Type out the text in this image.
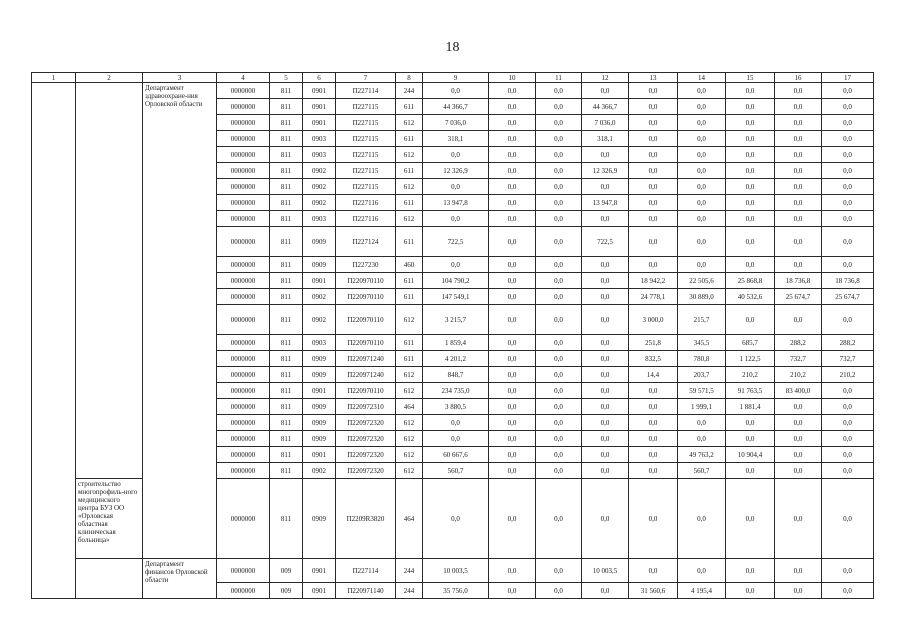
18
1	2	3	4	5	6	7	8	9	10	11	12	13	14	15	16	17
		Департамент здравоохране-ния Орловской области	0000000	811	0901	П227114	244	0,0	0,0	0,0	0,0	0,0	0,0	0,0	0,0	0,0
			0000000	811	0901	П227115	611	44 366,7	0,0	0,0	44 366,7	0,0	0,0	0,0	0,0	0,0
			0000000	811	0901	П227115	612	7 036,0	0,0	0,0	7 036,0	0,0	0,0	0,0	0,0	0,0
			0000000	811	0903	П227115	611	318,1	0,0	0,0	318,1	0,0	0,0	0,0	0,0	0,0
			0000000	811	0903	П227115	612	0,0	0,0	0,0	0,0	0,0	0,0	0,0	0,0	0,0
			0000000	811	0902	П227115	611	12 326,9	0,0	0,0	12 326,9	0,0	0,0	0,0	0,0	0,0
			0000000	811	0902	П227115	612	0,0	0,0	0,0	0,0	0,0	0,0	0,0	0,0	0,0
			0000000	811	0902	П227116	611	13 947,8	0,0	0,0	13 947,8	0,0	0,0	0,0	0,0	0,0
			0000000	811	0903	П227116	612	0,0	0,0	0,0	0,0	0,0	0,0	0,0	0,0	0,0
			0000000	811	0909	П227124	611	722,5	0,0	0,0	722,5	0,0	0,0	0,0	0,0	0,0
			0000000	811	0909	П227230	460	0,0	0,0	0,0	0,0	0,0	0,0	0,0	0,0	0,0
			0000000	811	0901	П220970110	611	104 790,2	0,0	0,0	0,0	18 942,2	22 505,6	25 868,8	18 736,8	18 736,8
			0000000	811	0902	П220970110	611	147 549,1	0,0	0,0	0,0	24 778,1	30 889,0	40 532,6	25 674,7	25 674,7
			0000000	811	0902	П220970110	612	3 215,7	0,0	0,0	0,0	3 000,0	215,7	0,0	0,0	0,0
			0000000	811	0903	П220970110	611	1 859,4	0,0	0,0	0,0	251,8	345,5	685,7	288,2	288,2
			0000000	811	0909	П220971240	611	4 201,2	0,0	0,0	0,0	832,5	780,8	1 122,5	732,7	732,7
			0000000	811	0909	П220971240	612	848,7	0,0	0,0	0,0	14,4	203,7	210,2	210,2	210,2
			0000000	811	0901	П220970110	612	234 735,0	0,0	0,0	0,0	0,0	59 571,5	91 763,5	83 400,0	0,0
			0000000	811	0909	П220972310	464	3 880,5	0,0	0,0	0,0	0,0	1 999,1	1 881,4	0,0	0,0
			0000000	811	0909	П220972320	612	0,0	0,0	0,0	0,0	0,0	0,0	0,0	0,0	0,0
			0000000	811	0909	П220972320	612	0,0	0,0	0,0	0,0	0,0	0,0	0,0	0,0	0,0
			0000000	811	0901	П220972320	612	60 667,6	0,0	0,0	0,0	0,0	49 763,2	10 904,4	0,0	0,0
			0000000	811	0902	П220972320	612	560,7	0,0	0,0	0,0	0,0	560,7	0,0	0,0	0,0
	строительство многопрофиль-ного медицинского центра БУЗ ОО «Орловская областная клиническая больница»		0000000	811	0909	П2209R3820	464	0,0	0,0	0,0	0,0	0,0	0,0	0,0	0,0	0,0
		Департамент финансов Орловской области	0000000	009	0901	П227114	244	10 003,5	0,0	0,0	10 003,5	0,0	0,0	0,0	0,0	0,0
			0000000	009	0901	П220971140	244	35 756,0	0,0	0,0	0,0	31 560,6	4 195,4	0,0	0,0	0,0
